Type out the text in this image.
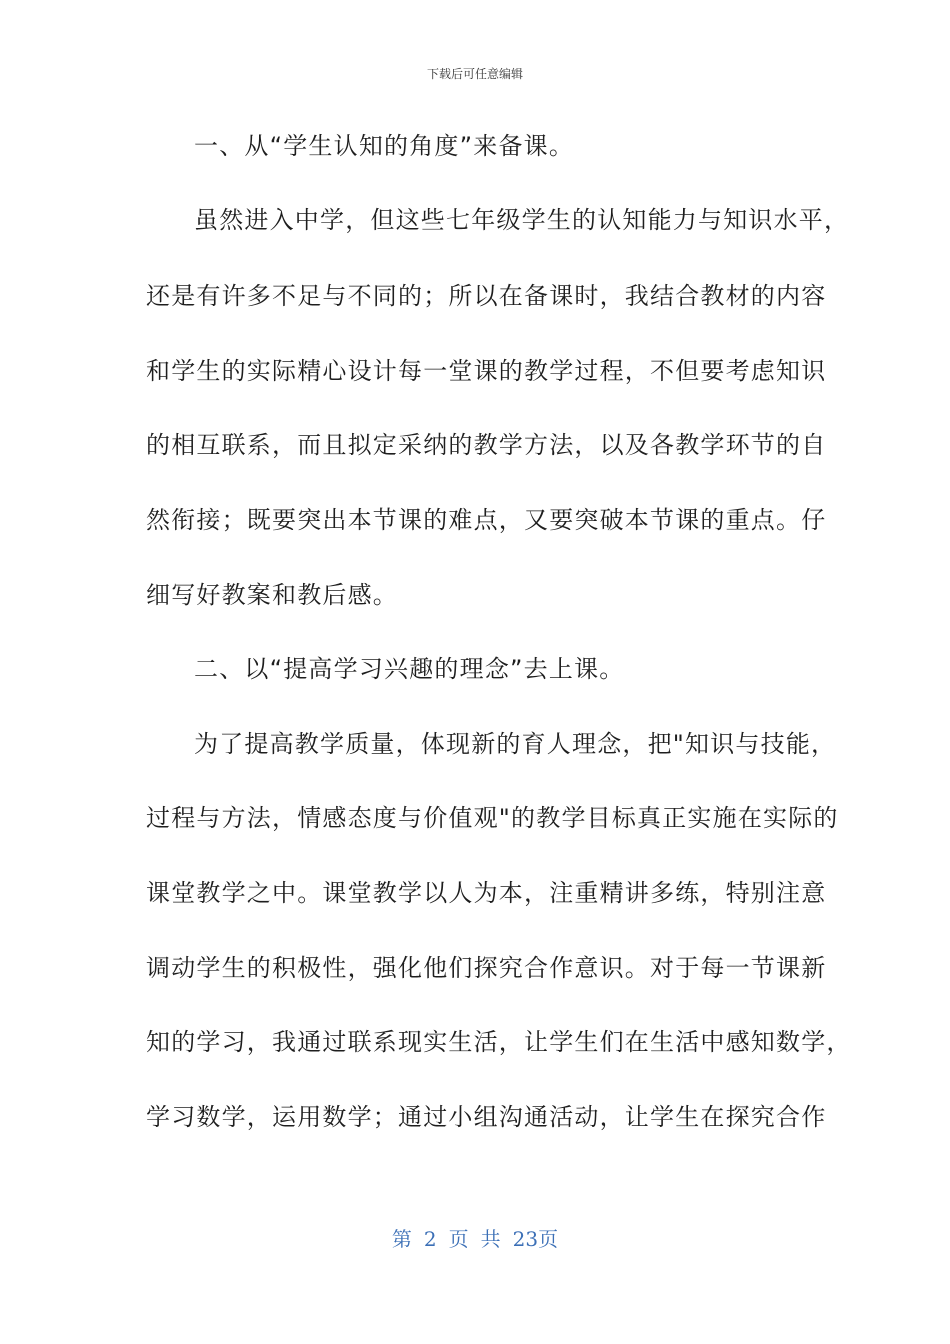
下载后可任意编辑
一、从“学生认知的角度”来备课。
虽然进入中学，但这些七年级学生的认知能力与知识水平，
还是有许多不足与不同的；所以在备课时，我结合教材的内容
和学生的实际精心设计每一堂课的教学过程，不但要考虑知识
的相互联系，而且拟定采纳的教学方法，以及各教学环节的自
然衔接；既要突出本节课的难点，又要突破本节课的重点。仔
细写好教案和教后感。
二、以“提高学习兴趣的理念”去上课。
为了提高教学质量，体现新的育人理念，把"知识与技能，
过程与方法，情感态度与价值观"的教学目标真正实施在实际的
课堂教学之中。课堂教学以人为本，注重精讲多练，特别注意
调动学生的积极性，强化他们探究合作意识。对于每一节课新
知的学习，我通过联系现实生活，让学生们在生活中感知数学，
学习数学，运用数学；通过小组沟通活动，让学生在探究合作
第 2 页 共 23页
